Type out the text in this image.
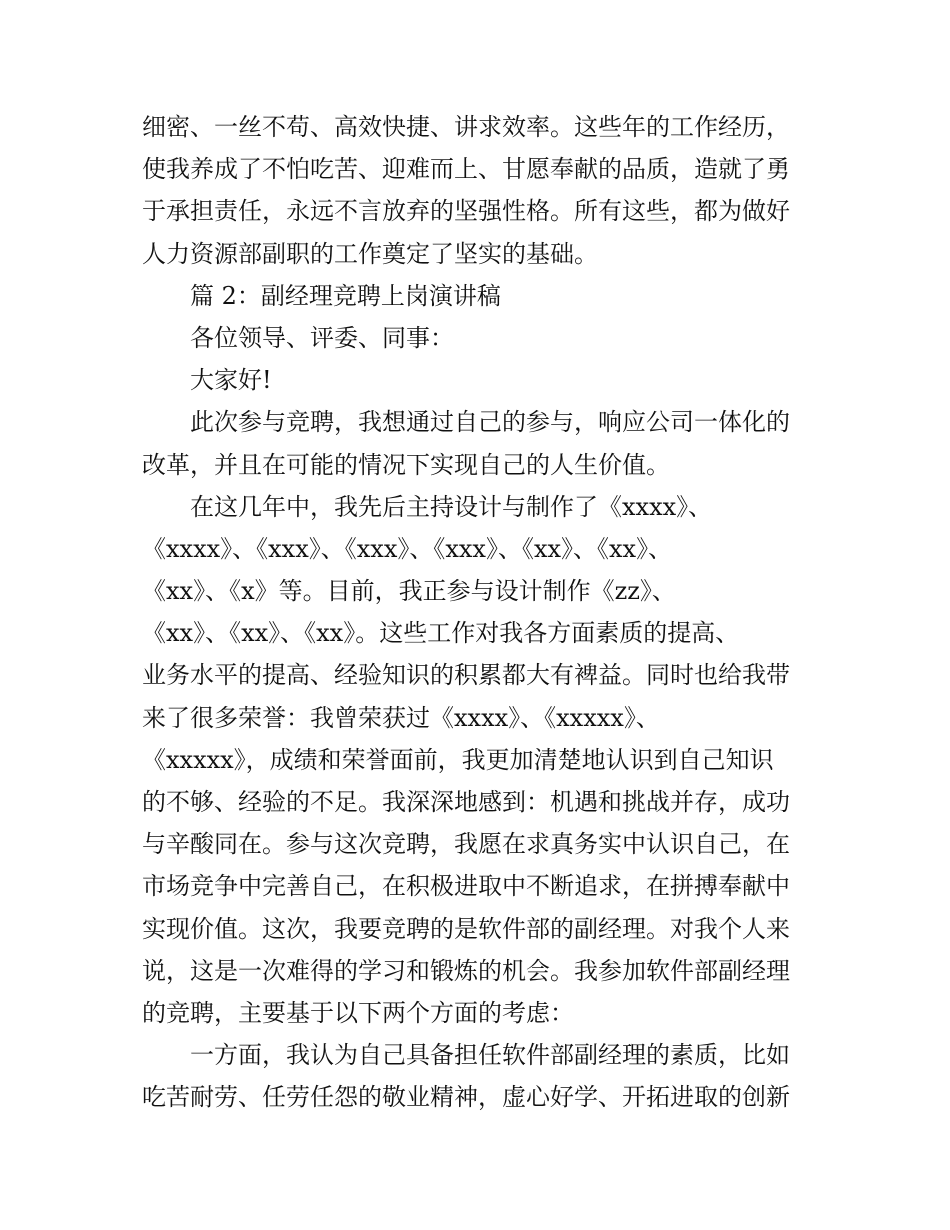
细密、一丝不苟、高效快捷、讲求效率。这些年的工作经历，
使我养成了不怕吃苦、迎难而上、甘愿奉献的品质，造就了勇
于承担责任，永远不言放弃的坚强性格。所有这些，都为做好
人力资源部副职的工作奠定了坚实的基础。
篇 2：副经理竞聘上岗演讲稿
各位领导、评委、同事：
大家好!
此次参与竞聘，我想通过自己的参与，响应公司一体化的
改革，并且在可能的情况下实现自己的人生价值。
在这几年中，我先后主持设计与制作了《xxxx》、
《xxxx》、《xxx》、《xxx》、《xxx》、《xx》、《xx》、
《xx》、《x》等。目前，我正参与设计制作《zz》、
《xx》、《xx》、《xx》。这些工作对我各方面素质的提高、
业务水平的提高、经验知识的积累都大有裨益。同时也给我带
来了很多荣誉：我曾荣获过《xxxx》、《xxxxx》、
《xxxxx》，成绩和荣誉面前，我更加清楚地认识到自己知识
的不够、经验的不足。我深深地感到：机遇和挑战并存，成功
与辛酸同在。参与这次竞聘，我愿在求真务实中认识自己，在
市场竞争中完善自己，在积极进取中不断追求，在拼搏奉献中
实现价值。这次，我要竞聘的是软件部的副经理。对我个人来
说，这是一次难得的学习和锻炼的机会。我参加软件部副经理
的竞聘，主要基于以下两个方面的考虑：
一方面，我认为自己具备担任软件部副经理的素质，比如
吃苦耐劳、任劳任怨的敬业精神，虚心好学、开拓进取的创新
